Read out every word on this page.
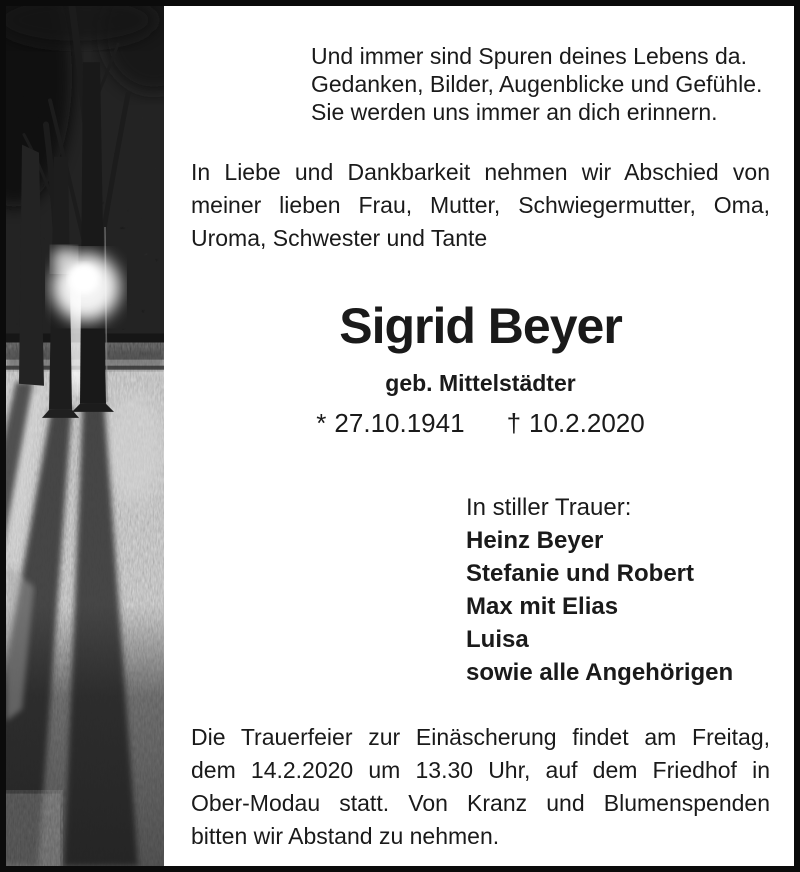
Und immer sind Spuren deines Lebens da.
Gedanken, Bilder, Augenblicke und Gefühle.
Sie werden uns immer an dich erinnern.
In Liebe und Dankbarkeit nehmen wir Abschied von
meiner lieben Frau, Mutter, Schwiegermutter, Oma,
Uroma, Schwester und Tante
Sigrid Beyer
geb. Mittelstädter
* 27.10.1941 † 10.2.2020
In stiller Trauer:
Heinz Beyer
Stefanie und Robert
Max mit Elias
Luisa
sowie alle Angehörigen
Die Trauerfeier zur Einäscherung findet am Freitag,
dem 14.2.2020 um 13.30 Uhr, auf dem Friedhof in
Ober-Modau statt. Von Kranz und Blumenspenden
bitten wir Abstand zu nehmen.
